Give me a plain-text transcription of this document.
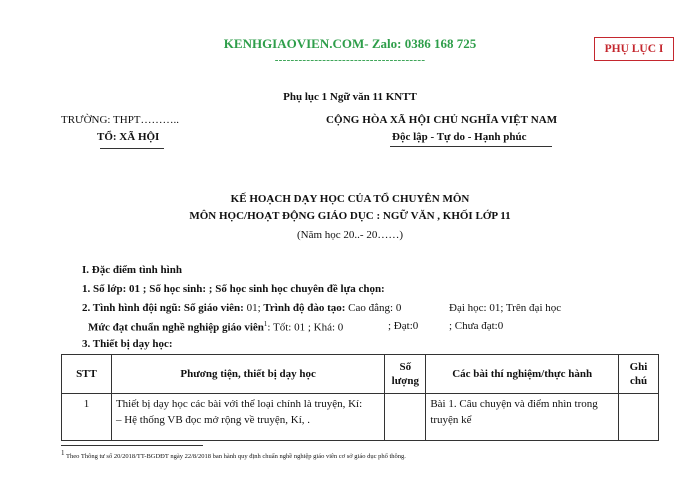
KENHGIAOVIEN.COM- Zalo: 0386 168 725
--------------------------------------
PHỤ LỤC I
Phụ lục 1 Ngữ văn 11 KNTT
TRƯỜNG: THPT………..
TỔ: XÃ HỘI
CỘNG HÒA XÃ HỘI CHỦ NGHĨA VIỆT NAM
Độc lập - Tự do - Hạnh phúc
KẾ HOẠCH DẠY HỌC CỦA TỔ CHUYÊN MÔN
MÔN HỌC/HOẠT ĐỘNG GIÁO DỤC : NGỮ VĂN , KHỐI LỚP 11
(Năm học 20..- 20……)
I. Đặc điểm tình hình
1. Số lớp: 01 ; Số học sinh: ; Số học sinh học chuyên đề lựa chọn:
2. Tình hình đội ngũ: Số giáo viên: 01; Trình độ đào tạo: Cao đẳng: 0	Đại học: 01; Trên đại học
Mức đạt chuẩn nghề nghiệp giáo viên$^1$: Tốt: 01 ; Khá: 0	; Đạt:0	; Chưa đạt:0
3. Thiết bị dạy học:
STT	Phương tiện, thiết bị dạy học	Số lượng	Các bài thí nghiệm/thực hành	Ghi chú
1	Thiết bị dạy học các bài với thể loại chính là truyện, Kí:
– Hệ thống VB đọc mở rộng về truyện, Kí, .		Bài 1. Câu chuyện và điểm nhìn trong truyện kể	
$^1$ Theo Thông tư số 20/2018/TT-BGDĐT ngày 22/8/2018 ban hành quy định chuẩn nghề nghiệp giáo viên cơ sở giáo dục phổ thông.
